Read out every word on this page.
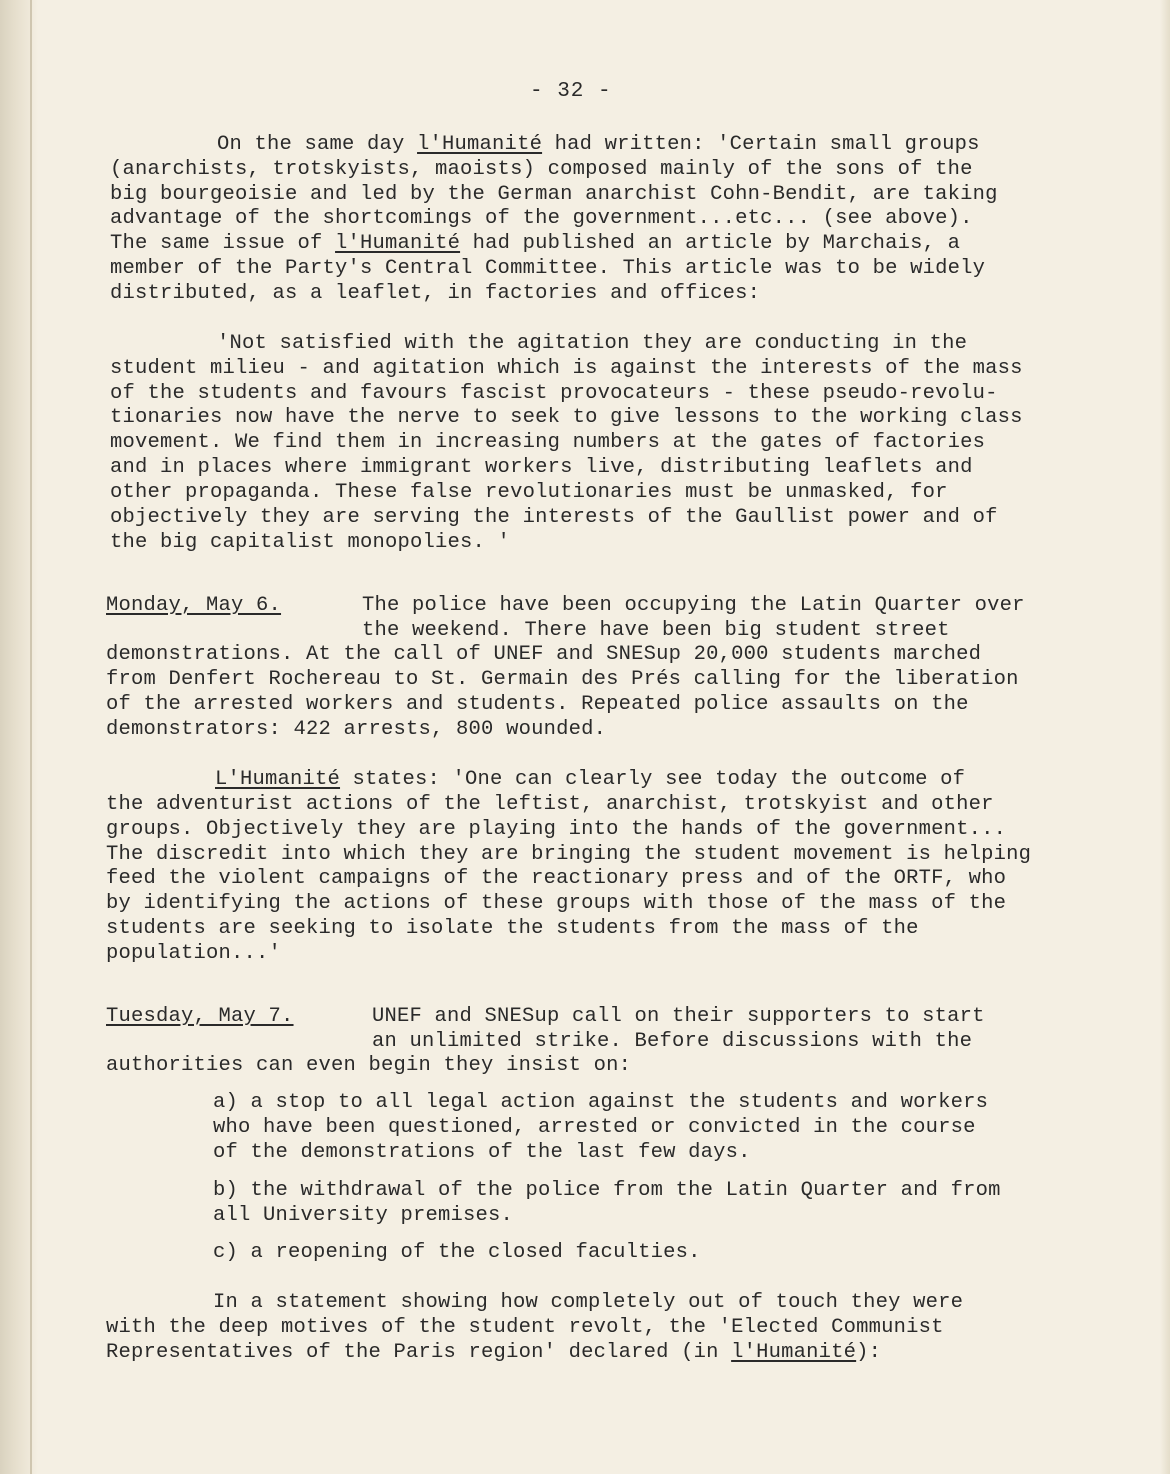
- 32 -
On the same day l'Humanité had written: 'Certain small groups
(anarchists, trotskyists, maoists) composed mainly of the sons of the
big bourgeoisie and led by the German anarchist Cohn-Bendit, are taking
advantage of the shortcomings of the government...etc... (see above).
The same issue of l'Humanité had published an article by Marchais, a
member of the Party's Central Committee. This article was to be widely
distributed, as a leaflet, in factories and offices:
'Not satisfied with the agitation they are conducting in the
student milieu - and agitation which is against the interests of the mass
of the students and favours fascist provocateurs - these pseudo-revolu-
tionaries now have the nerve to seek to give lessons to the working class
movement. We find them in increasing numbers at the gates of factories
and in places where immigrant workers live, distributing leaflets and
other propaganda. These false revolutionaries must be unmasked, for
objectively they are serving the interests of the Gaullist power and of
the big capitalist monopolies. '
Monday, May 6.	The police have been occupying the Latin Quarter over
the weekend. There have been big student street
demonstrations. At the call of UNEF and SNESup 20,000 students marched
from Denfert Rochereau to St. Germain des Prés calling for the liberation
of the arrested workers and students. Repeated police assaults on the
demonstrators: 422 arrests, 800 wounded.
L'Humanité states: 'One can clearly see today the outcome of
the adventurist actions of the leftist, anarchist, trotskyist and other
groups. Objectively they are playing into the hands of the government...
The discredit into which they are bringing the student movement is helping
feed the violent campaigns of the reactionary press and of the ORTF, who
by identifying the actions of these groups with those of the mass of the
students are seeking to isolate the students from the mass of the
population...'
Tuesday, May 7.	UNEF and SNESup call on their supporters to start
an unlimited strike. Before discussions with the
authorities can even begin they insist on:
a) a stop to all legal action against the students and workers
who have been questioned, arrested or convicted in the course
of the demonstrations of the last few days.
b) the withdrawal of the police from the Latin Quarter and from
all University premises.
c) a reopening of the closed faculties.
In a statement showing how completely out of touch they were
with the deep motives of the student revolt, the 'Elected Communist
Representatives of the Paris region' declared (in l'Humanité):
